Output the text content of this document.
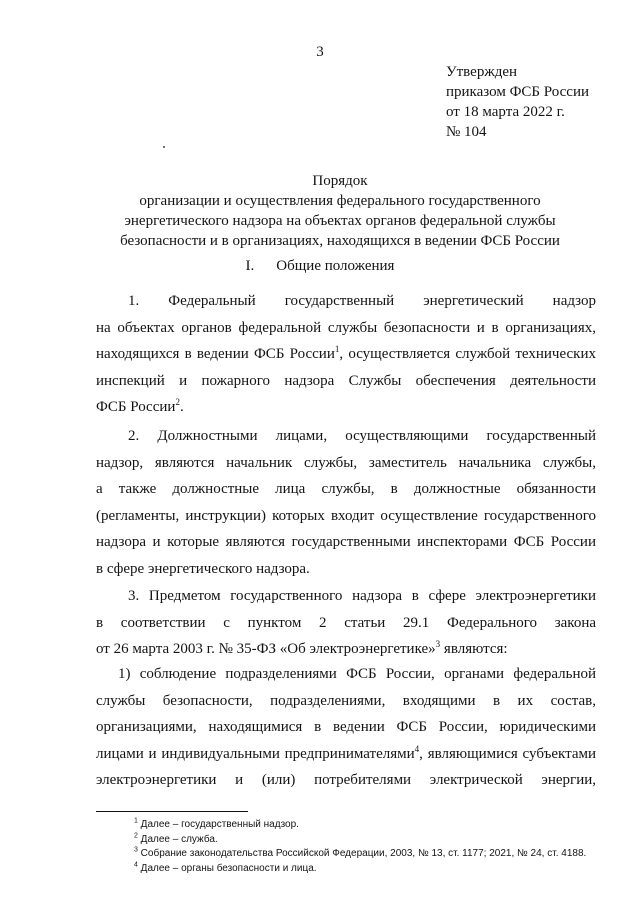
3
Утвержден
приказом ФСБ России
от 18 марта 2022 г.
№ 104
Порядок
организации и осуществления федерального государственного
энергетического надзора на объектах органов федеральной службы
безопасности и в организациях, находящихся в ведении ФСБ России
I. Общие положения
1. Федеральный государственный энергетический надзор
на объектах органов федеральной службы безопасности и в организациях,
находящихся в ведении ФСБ России$^1$, осуществляется службой технических
инспекций и пожарного надзора Службы обеспечения деятельности
ФСБ России$^2$.
2. Должностными лицами, осуществляющими государственный
надзор, являются начальник службы, заместитель начальника службы,
а также должностные лица службы, в должностные обязанности
(регламенты, инструкции) которых входит осуществление государственного
надзора и которые являются государственными инспекторами ФСБ России
в сфере энергетического надзора.
3. Предметом государственного надзора в сфере электроэнергетики
в соответствии с пунктом 2 статьи 29.1 Федерального закона
от 26 марта 2003 г. № 35-ФЗ «Об электроэнергетике»$^3$ являются:
1) соблюдение подразделениями ФСБ России, органами федеральной
службы безопасности, подразделениями, входящими в их состав,
организациями, находящимися в ведении ФСБ России, юридическими
лицами и индивидуальными предпринимателями$^4$, являющимися субъектами
электроэнергетики и (или) потребителями электрической энергии,
$^1$ Далее – государственный надзор.
$^2$ Далее – служба.
$^3$ Собрание законодательства Российской Федерации, 2003, № 13, ст. 1177; 2021, № 24, ст. 4188.
$^4$ Далее – органы безопасности и лица.
